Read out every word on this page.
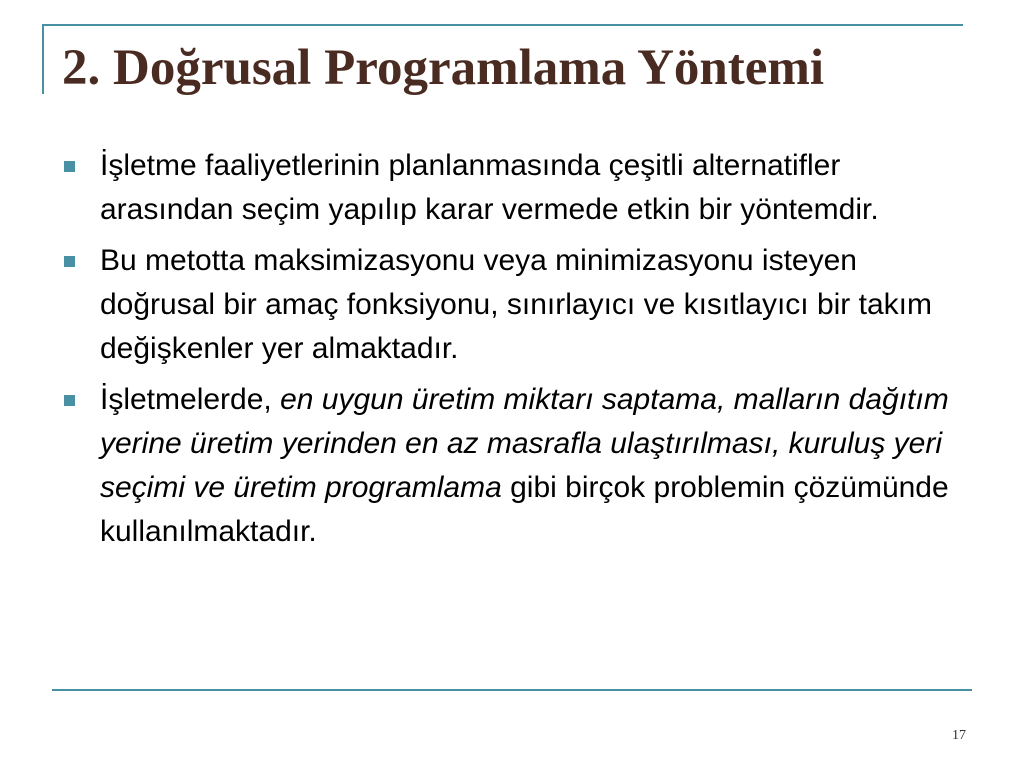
2. Doğrusal Programlama Yöntemi
İşletme faaliyetlerinin planlanmasında çeşitli alternatifler arasından seçim yapılıp karar vermede etkin bir yöntemdir.
Bu metotta maksimizasyonu veya minimizasyonu isteyen doğrusal bir amaç fonksiyonu, sınırlayıcı ve kısıtlayıcı bir takım değişkenler yer almaktadır.
İşletmelerde, en uygun üretim miktarı saptama, malların dağıtım yerine üretim yerinden en az masrafla ulaştırılması, kuruluş yeri seçimi ve üretim programlama gibi birçok problemin çözümünde kullanılmaktadır.
17
